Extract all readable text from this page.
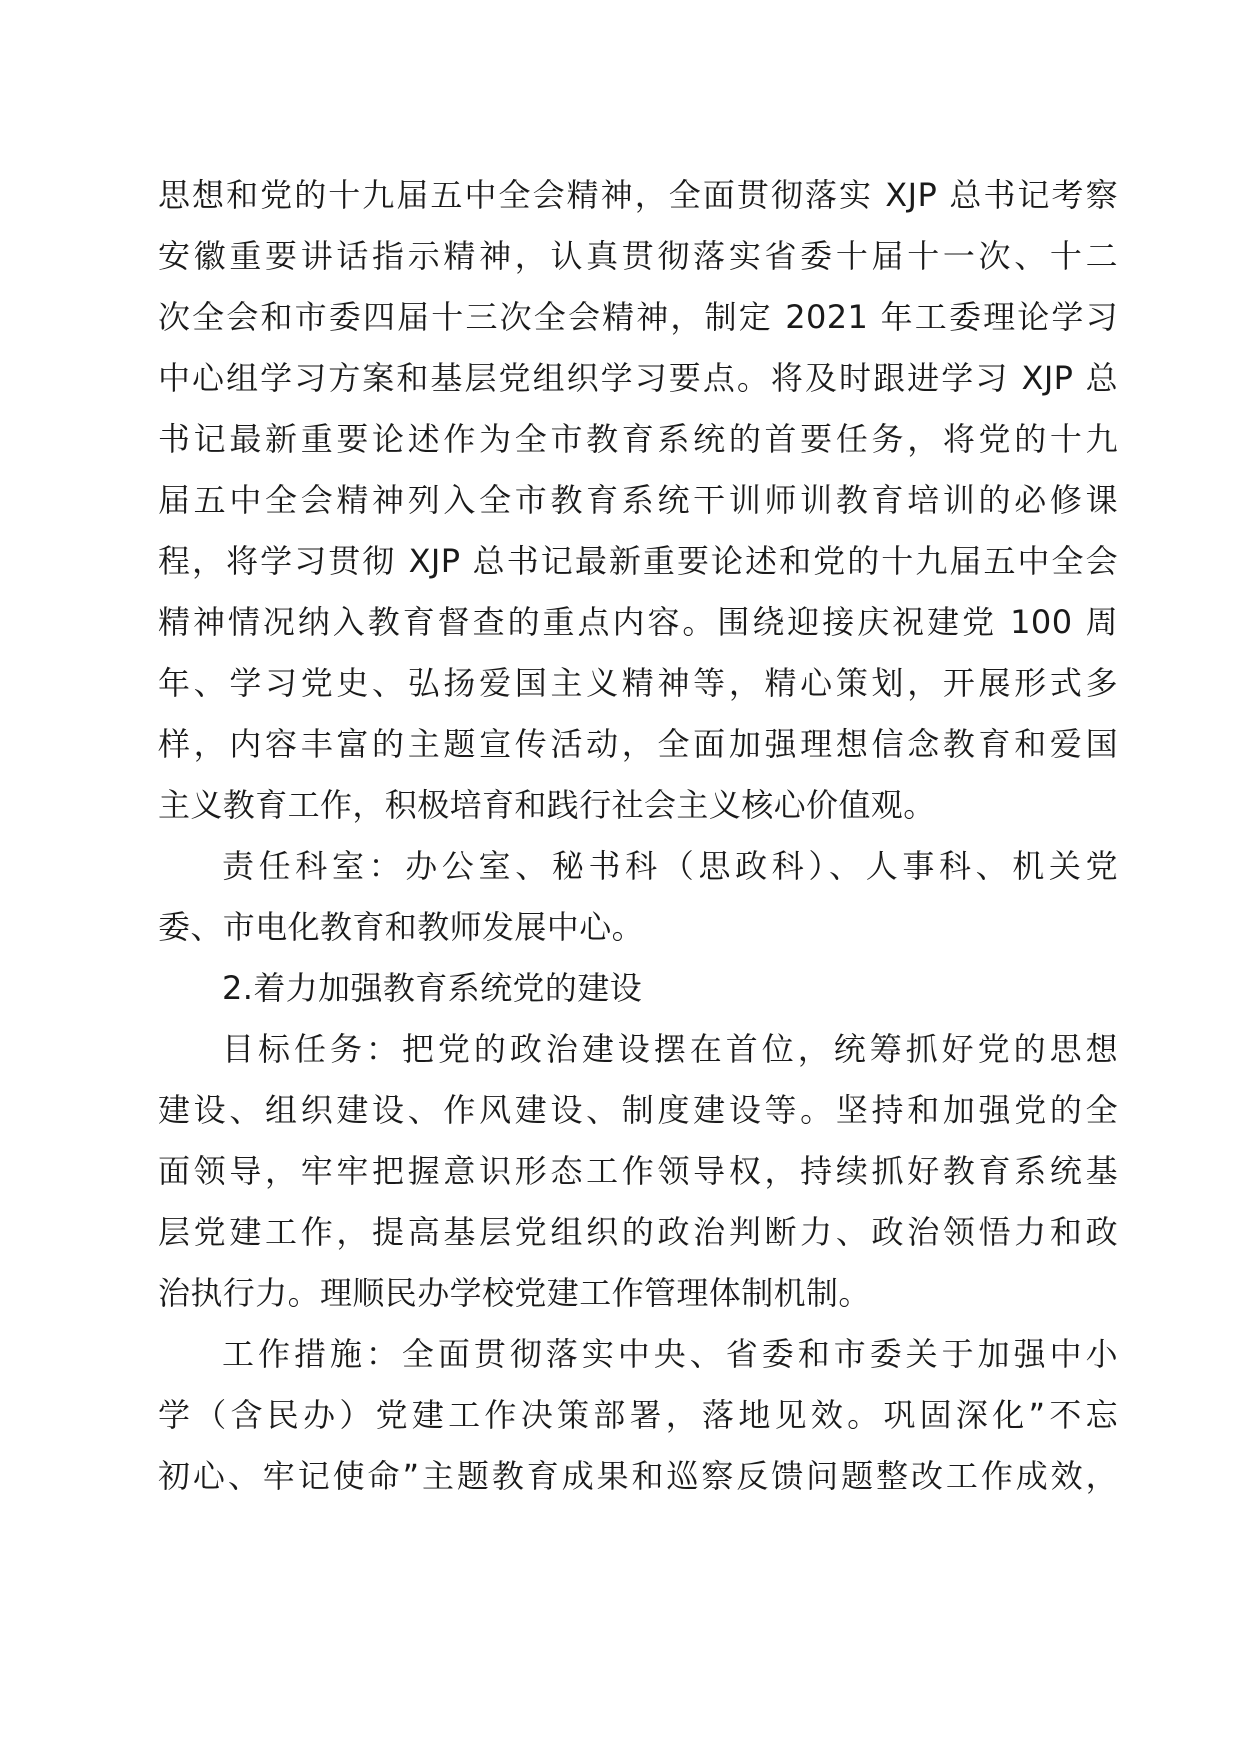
思想和党的十九届五中全会精神，全面贯彻落实 XJP 总书记考察
安徽重要讲话指示精神，认真贯彻落实省委十届十一次、十二
次全会和市委四届十三次全会精神，制定 2021 年工委理论学习
中心组学习方案和基层党组织学习要点。将及时跟进学习 XJP 总
书记最新重要论述作为全市教育系统的首要任务，将党的十九
届五中全会精神列入全市教育系统干训师训教育培训的必修课
程，将学习贯彻 XJP 总书记最新重要论述和党的十九届五中全会
精神情况纳入教育督查的重点内容。围绕迎接庆祝建党 100 周
年、学习党史、弘扬爱国主义精神等，精心策划，开展形式多
样，内容丰富的主题宣传活动，全面加强理想信念教育和爱国
主义教育工作，积极培育和践行社会主义核心价值观。
责任科室：办公室、秘书科（思政科）、人事科、机关党
委、市电化教育和教师发展中心。
2.着力加强教育系统党的建设
目标任务：把党的政治建设摆在首位，统筹抓好党的思想
建设、组织建设、作风建设、制度建设等。坚持和加强党的全
面领导，牢牢把握意识形态工作领导权，持续抓好教育系统基
层党建工作，提高基层党组织的政治判断力、政治领悟力和政
治执行力。理顺民办学校党建工作管理体制机制。
工作措施：全面贯彻落实中央、省委和市委关于加强中小
学（含民办）党建工作决策部署，落地见效。巩固深化”不忘
初心、牢记使命”主题教育成果和巡察反馈问题整改工作成效，
